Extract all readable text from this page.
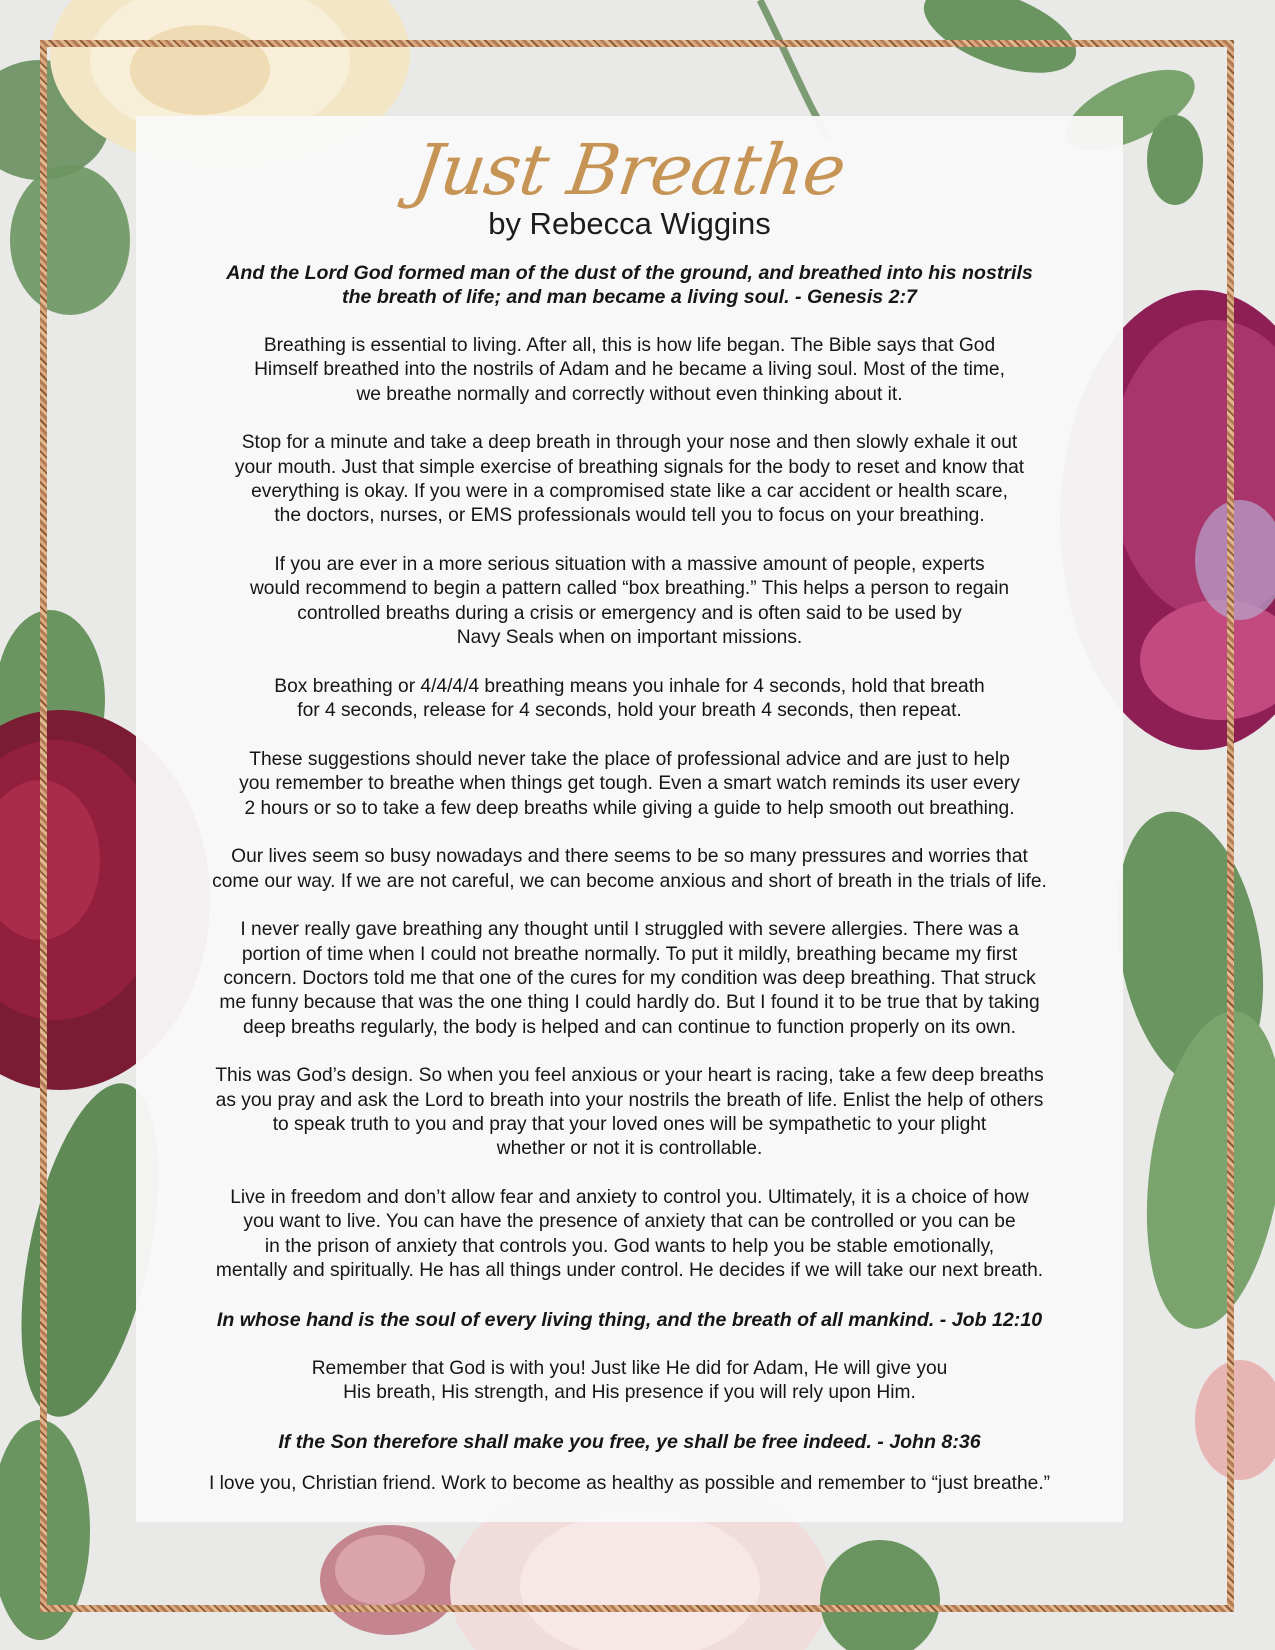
Just Breathe
by Rebecca Wiggins

And the Lord God formed man of the dust of the ground, and breathed into his nostrils
the breath of life; and man became a living soul. - Genesis 2:7

Breathing is essential to living. After all, this is how life began. The Bible says that God
Himself breathed into the nostrils of Adam and he became a living soul. Most of the time,
we breathe normally and correctly without even thinking about it.

Stop for a minute and take a deep breath in through your nose and then slowly exhale it out
your mouth. Just that simple exercise of breathing signals for the body to reset and know that
everything is okay. If you were in a compromised state like a car accident or health scare,
the doctors, nurses, or EMS professionals would tell you to focus on your breathing.

If you are ever in a more serious situation with a massive amount of people, experts
would recommend to begin a pattern called “box breathing.” This helps a person to regain
controlled breaths during a crisis or emergency and is often said to be used by
Navy Seals when on important missions.

Box breathing or 4/4/4/4 breathing means you inhale for 4 seconds, hold that breath
for 4 seconds, release for 4 seconds, hold your breath 4 seconds, then repeat.

These suggestions should never take the place of professional advice and are just to help
you remember to breathe when things get tough. Even a smart watch reminds its user every
2 hours or so to take a few deep breaths while giving a guide to help smooth out breathing.

Our lives seem so busy nowadays and there seems to be so many pressures and worries that
come our way. If we are not careful, we can become anxious and short of breath in the trials of life.

I never really gave breathing any thought until I struggled with severe allergies. There was a
portion of time when I could not breathe normally. To put it mildly, breathing became my first
concern. Doctors told me that one of the cures for my condition was deep breathing. That struck
me funny because that was the one thing I could hardly do. But I found it to be true that by taking
deep breaths regularly, the body is helped and can continue to function properly on its own.

This was God’s design. So when you feel anxious or your heart is racing, take a few deep breaths
as you pray and ask the Lord to breath into your nostrils the breath of life. Enlist the help of others
to speak truth to you and pray that your loved ones will be sympathetic to your plight
whether or not it is controllable.

Live in freedom and don’t allow fear and anxiety to control you. Ultimately, it is a choice of how
you want to live. You can have the presence of anxiety that can be controlled or you can be
in the prison of anxiety that controls you. God wants to help you be stable emotionally,
mentally and spiritually. He has all things under control. He decides if we will take our next breath.

In whose hand is the soul of every living thing, and the breath of all mankind. - Job 12:10

Remember that God is with you! Just like He did for Adam, He will give you
His breath, His strength, and His presence if you will rely upon Him.

If the Son therefore shall make you free, ye shall be free indeed. - John 8:36

I love you, Christian friend. Work to become as healthy as possible and remember to “just breathe.”
